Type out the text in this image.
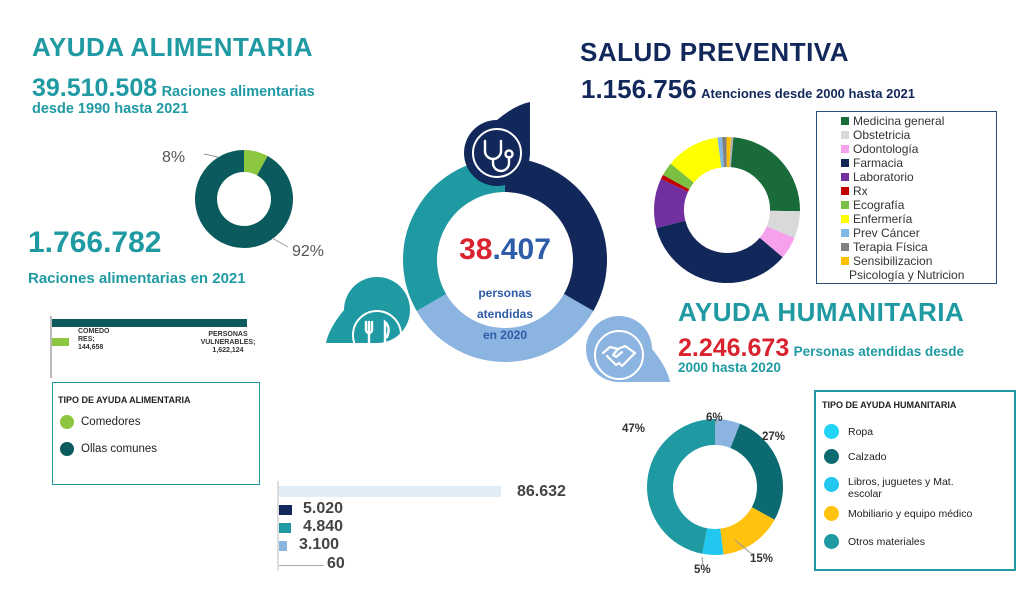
AYUDA ALIMENTARIA
39.510.508 Raciones alimentarias
desde 1990 hasta 2021
8%
92%
1.766.782
Raciones alimentarias en 2021
COMEDO RES;
144,658
PERSONAS VULNERABLES;
1,622,124
TIPO DE AYUDA ALIMENTARIA
Comedores
Ollas comunes
38.407
personas
atendidas
en 2020
86.632
5.020
4.840
3.100
60
SALUD PREVENTIVA
1.156.756 Atenciones desde 2000 hasta 2021
Medicina general
Obstetricia
Odontología
Farmacia
Laboratorio
Rx
Ecografía
Enfermería
Prev Cáncer
Terapia Física
Sensibilizacion
Psicología y Nutricion
AYUDA HUMANITARIA
2.246.673 Personas atendidas desde
2000 hasta 2020
6%
27%
15%
5%
47%
TIPO DE AYUDA HUMANITARIA
Ropa
Calzado
Libros, juguetes y Mat.
escolar
Mobiliario y equipo médico
Otros materiales
